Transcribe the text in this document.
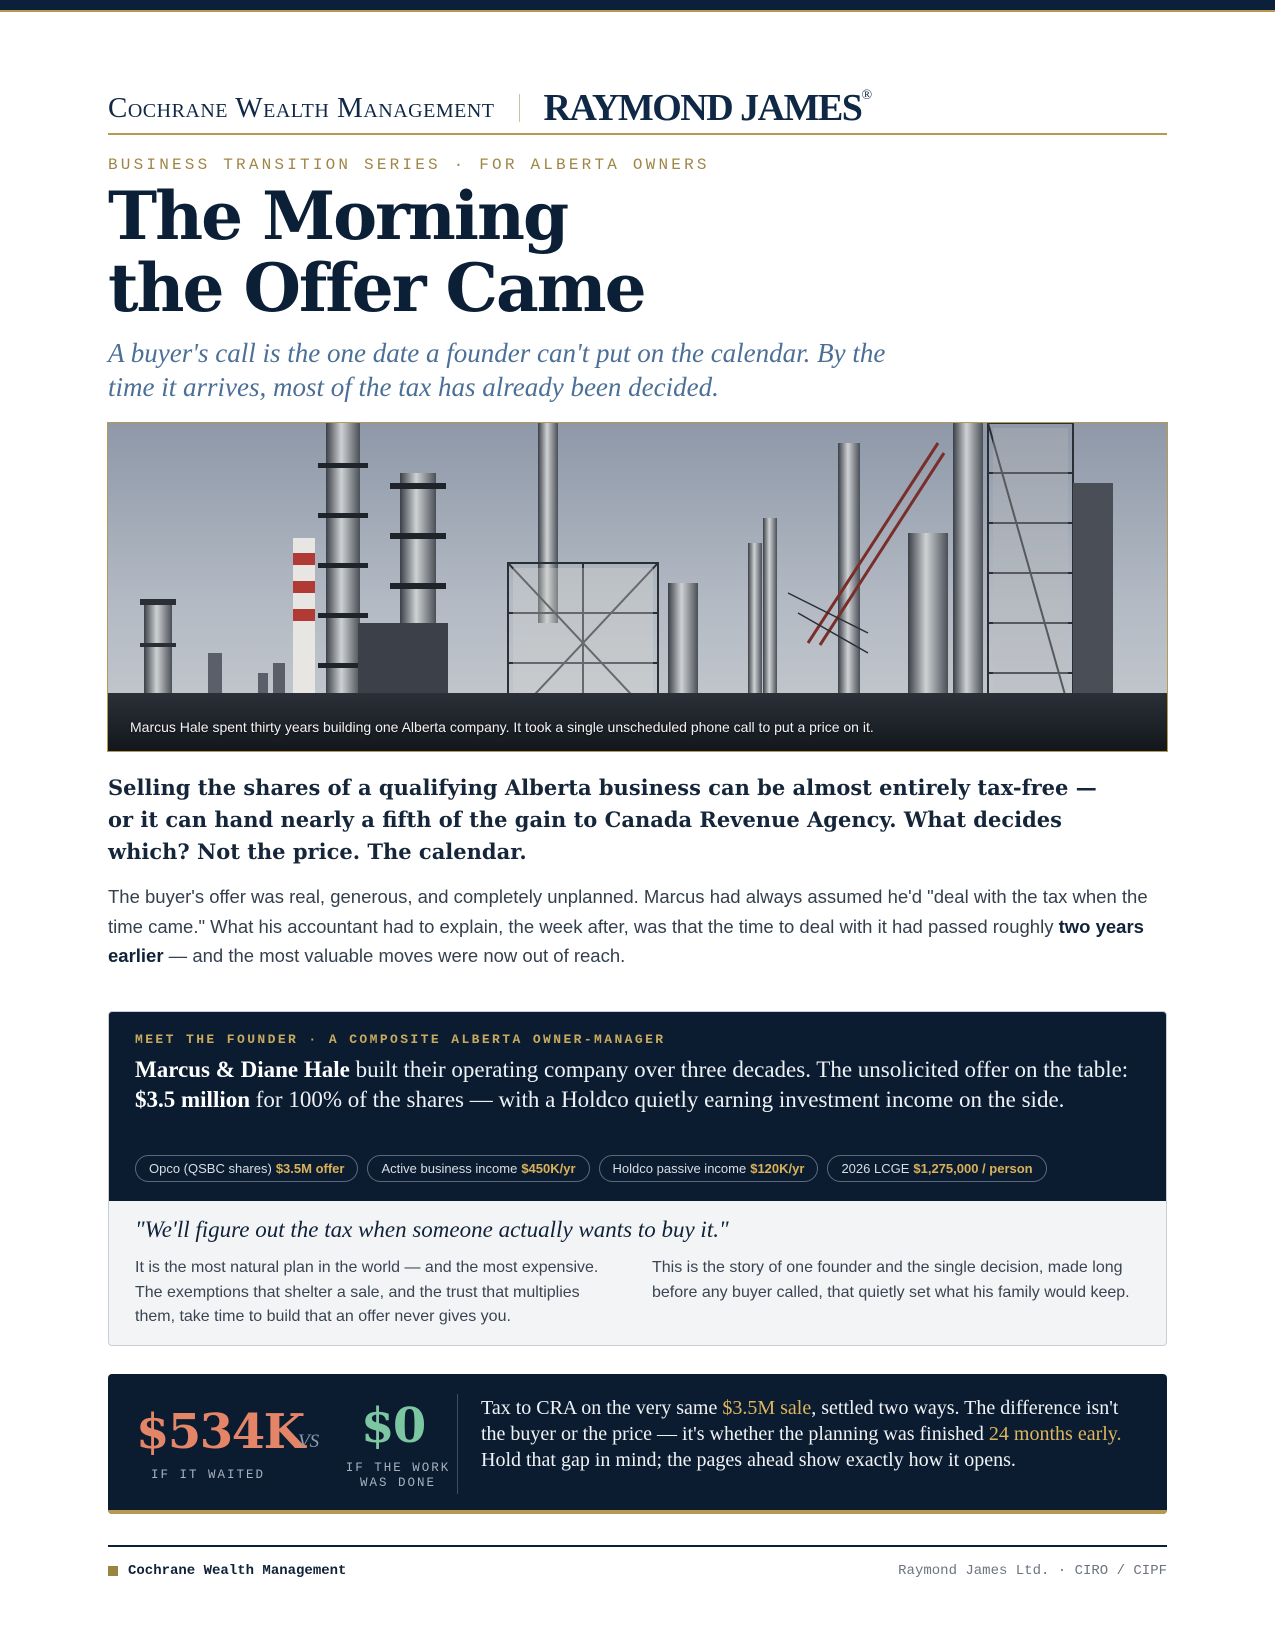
Cochrane Wealth Management RAYMOND JAMES®
BUSINESS TRANSITION SERIES · FOR ALBERTA OWNERS
The Morning
the Offer Came

A buyer's call is the one date a founder can't put on the calendar. By the time it arrives, most of the tax has already been decided.

Marcus Hale spent thirty years building one Alberta company. It took a single unscheduled phone call to put a price on it.

Selling the shares of a qualifying Alberta business can be almost entirely tax-free — or it can hand nearly a fifth of the gain to Canada Revenue Agency. What decides which? Not the price. The calendar.

The buyer's offer was real, generous, and completely unplanned. Marcus had always assumed he'd "deal with the tax when the time came." What his accountant had to explain, the week after, was that the time to deal with it had passed roughly two years earlier — and the most valuable moves were now out of reach.

MEET THE FOUNDER · A COMPOSITE ALBERTA OWNER-MANAGER

Marcus & Diane Hale built their operating company over three decades. The unsolicited offer on the table: $3.5 million for 100% of the shares — with a Holdco quietly earning investment income on the side.

Opco (QSBC shares) $3.5M offer	Active business income $450K/yr	Holdco passive income $120K/yr	2026 LCGE $1,275,000 / person

"We'll figure out the tax when someone actually wants to buy it."

It is the most natural plan in the world — and the most expensive. The exemptions that shelter a sale, and the trust that multiplies them, take time to build that an offer never gives you.

This is the story of one founder and the single decision, made long before any buyer called, that quietly set what his family would keep.

$534K
IF IT WAITED
VS $0
IF THE WORK
WAS DONE

Tax to CRA on the very same $3.5M sale, settled two ways. The difference isn't the buyer or the price — it's whether the planning was finished 24 months early. Hold that gap in mind; the pages ahead show exactly how it opens.

Cochrane Wealth Management	Raymond James Ltd. · CIRO / CIPF
